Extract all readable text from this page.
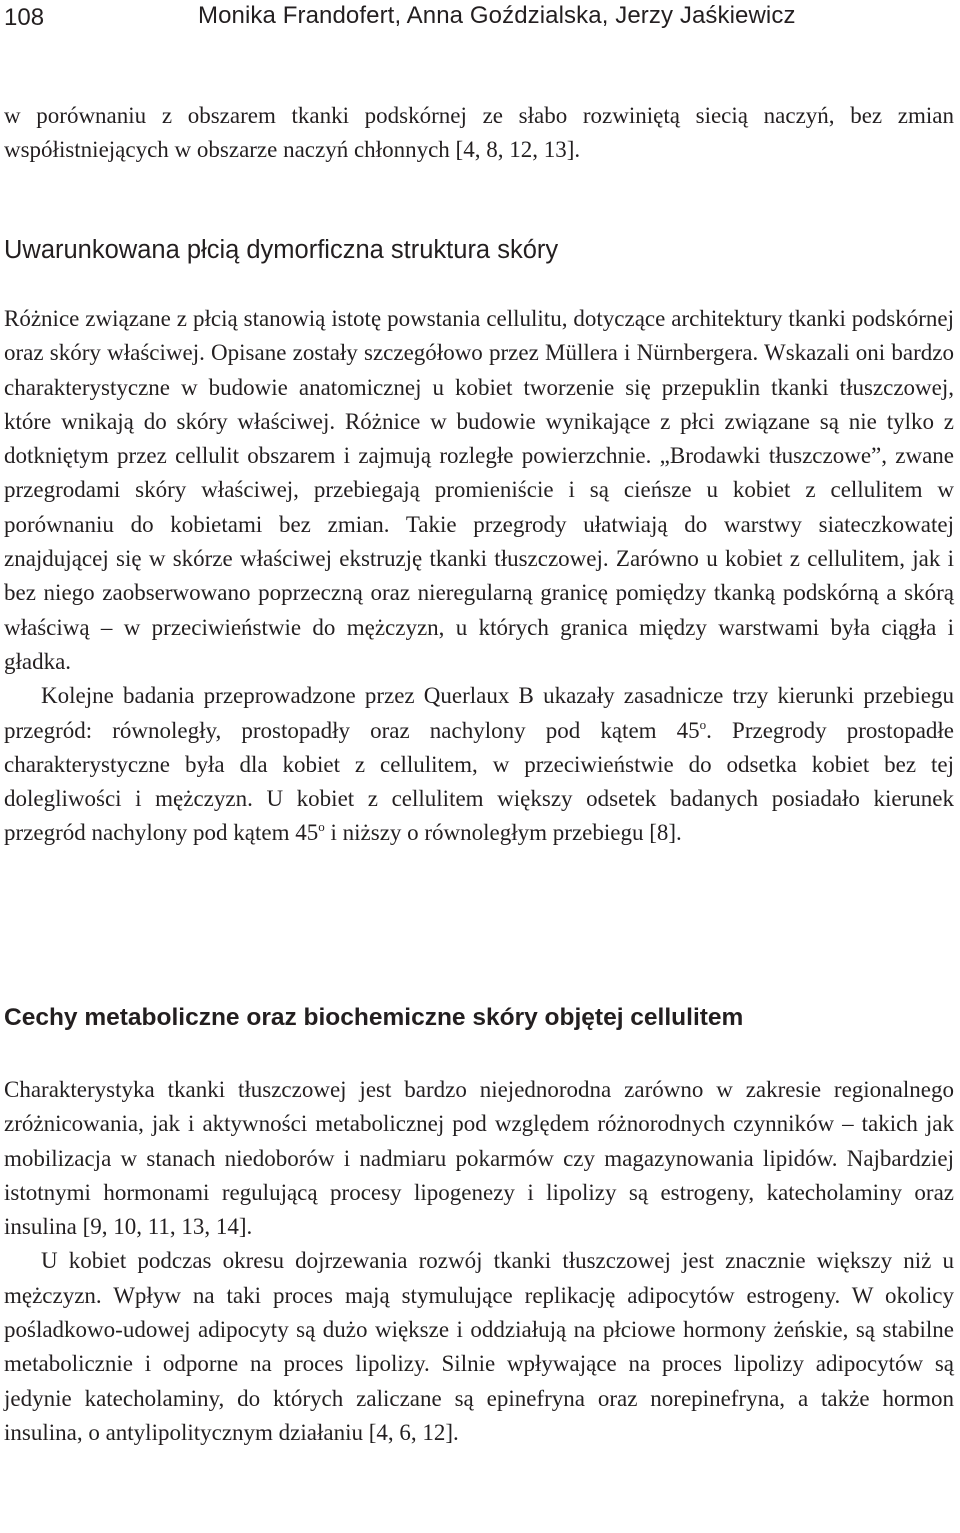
108	Monika Frandofert, Anna Goździalska, Jerzy Jaśkiewicz

w porównaniu z obszarem tkanki podskórnej ze słabo rozwiniętą siecią naczyń, bez zmian współistniejących w obszarze naczyń chłonnych [4, 8, 12, 13].

Uwarunkowana płcią dymorficzna struktura skóry

Różnice związane z płcią stanowią istotę powstania cellulitu, dotyczące architektury tkanki podskórnej oraz skóry właściwej. Opisane zostały szczegółowo przez Müllera i Nürnbergera. Wskazali oni bardzo charakterystyczne w budowie anatomicznej u kobiet tworzenie się przepuklin tkanki tłuszczowej, które wnikają do skóry właściwej. Różnice w budowie wynikające z płci związane są nie tylko z dotkniętym przez cellulit obszarem i zajmują rozległe powierzchnie. „Brodawki tłuszczowe”, zwane przegrodami skóry właściwej, przebiegają promieniście i są cieńsze u kobiet z cellulitem w porównaniu do kobietami bez zmian. Takie przegrody ułatwiają do warstwy siateczkowatej znajdującej się w skórze właściwej ekstruzję tkanki tłuszczowej. Zarówno u kobiet z cellulitem, jak i bez niego zaobserwowano poprzeczną oraz nieregularną granicę pomiędzy tkanką podskórną a skórą właściwą – w przeciwieństwie do mężczyzn, u których granica między warstwami była ciągła i gładka.

Kolejne badania przeprowadzone przez Querlaux B ukazały zasadnicze trzy kierunki przebiegu przegród: równoległy, prostopadły oraz nachylony pod kątem 45$^o$. Przegrody prostopadłe charakterystyczne była dla kobiet z cellulitem, w przeciwieństwie do odsetka kobiet bez tej dolegliwości i mężczyzn. U kobiet z cellulitem większy odsetek badanych posiadało kierunek przegród nachylony pod kątem 45$^o$ i niższy o równoległym przebiegu [8].

Cechy metaboliczne oraz biochemiczne skóry objętej cellulitem

Charakterystyka tkanki tłuszczowej jest bardzo niejednorodna zarówno w zakresie regionalnego zróżnicowania, jak i aktywności metabolicznej pod względem różnorodnych czynników – takich jak mobilizacja w stanach niedoborów i nadmiaru pokarmów czy magazynowania lipidów. Najbardziej istotnymi hormonami regulującą procesy lipogenezy i lipolizy są estrogeny, katecholaminy oraz insulina [9, 10, 11, 13, 14].

U kobiet podczas okresu dojrzewania rozwój tkanki tłuszczowej jest znacznie większy niż u mężczyzn. Wpływ na taki proces mają stymulujące replikację adipocytów estrogeny. W okolicy pośladkowo-udowej adipocyty są dużo większe i oddziałują na płciowe hormony żeńskie, są stabilne metabolicznie i odporne na proces lipolizy. Silnie wpływające na proces lipolizy adipocytów są jedynie katecholaminy, do których zaliczane są epinefryna oraz norepinefryna, a także hormon insulina, o antylipolitycznym działaniu [4, 6, 12].
